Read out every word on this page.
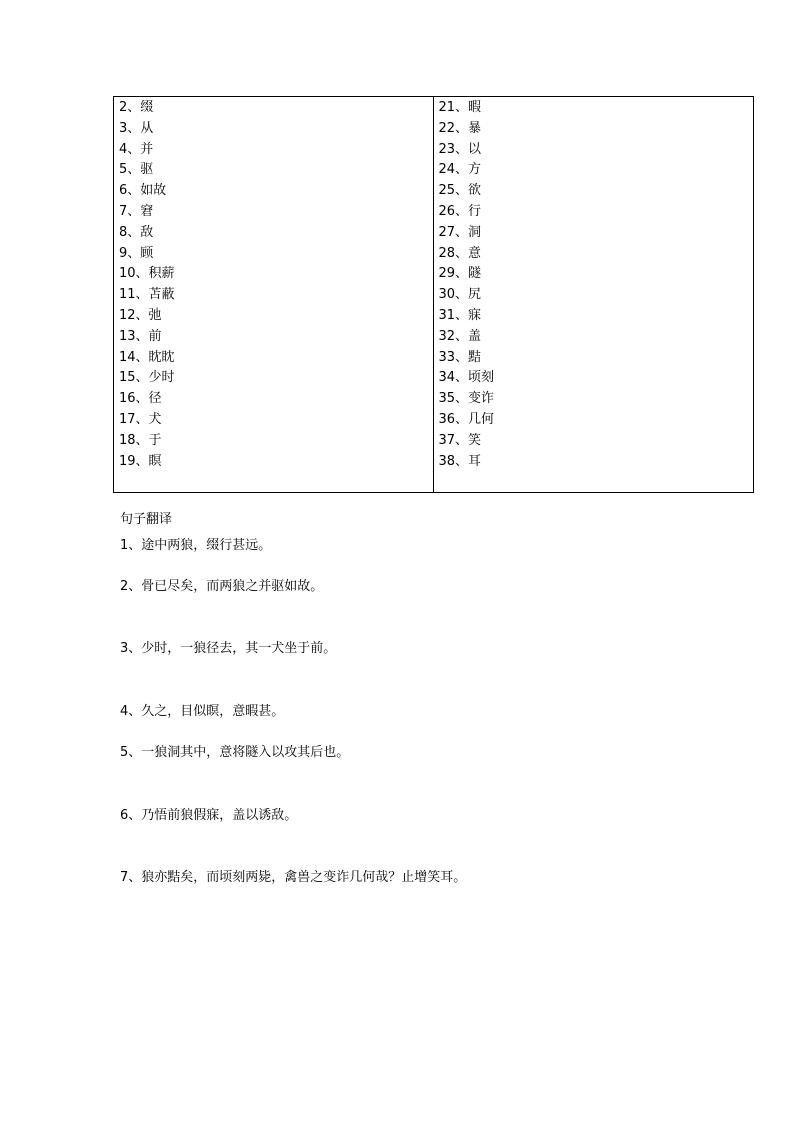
2、缀
3、从
4、并
5、驱
6、如故
7、窘
8、敌
9、顾
10、积薪
11、苫蔽
12、弛
13、前
14、眈眈
15、少时
16、径
17、犬
18、于
19、瞑
21、暇
22、暴
23、以
24、方
25、欲
26、行
27、洞
28、意
29、隧
30、尻
31、寐
32、盖
33、黠
34、顷刻
35、变诈
36、几何
37、笑
38、耳
句子翻译
1、途中两狼，缀行甚远。
2、骨已尽矣，而两狼之并驱如故。
3、少时，一狼径去，其一犬坐于前。
4、久之，目似瞑，意暇甚。
5、一狼洞其中，意将隧入以攻其后也。
6、乃悟前狼假寐，盖以诱敌。
7、狼亦黠矣，而顷刻两毙，禽兽之变诈几何哉？止增笑耳。
